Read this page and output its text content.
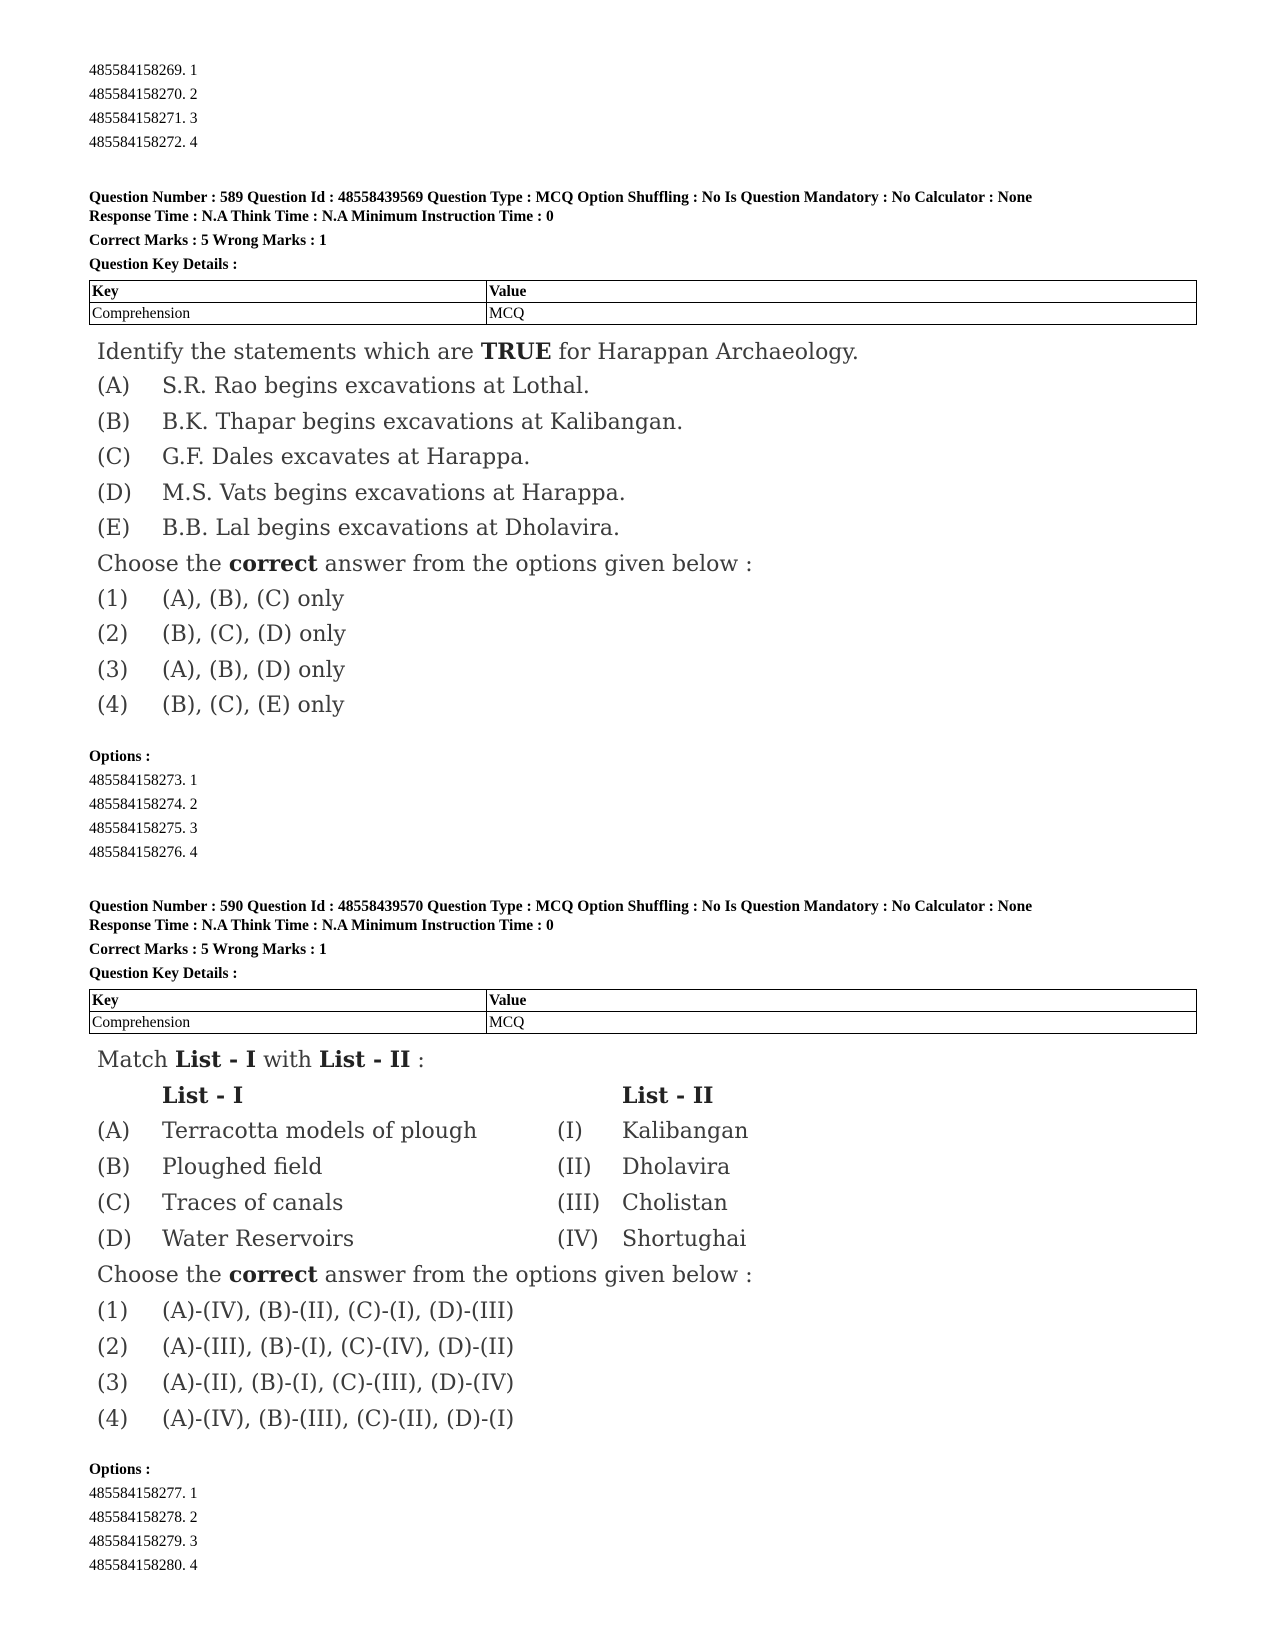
485584158269. 1
485584158270. 2
485584158271. 3
485584158272. 4
Question Number : 589 Question Id : 48558439569 Question Type : MCQ Option Shuffling : No Is Question Mandatory : No Calculator : None
Response Time : N.A Think Time : N.A Minimum Instruction Time : 0
Correct Marks : 5 Wrong Marks : 1
Question Key Details :
Key	Value
Comprehension	MCQ
Identify the statements which are TRUE for Harappan Archaeology.
(A) S.R. Rao begins excavations at Lothal.
(B) B.K. Thapar begins excavations at Kalibangan.
(C) G.F. Dales excavates at Harappa.
(D) M.S. Vats begins excavations at Harappa.
(E) B.B. Lal begins excavations at Dholavira.
Choose the correct answer from the options given below :
(1) (A), (B), (C) only
(2) (B), (C), (D) only
(3) (A), (B), (D) only
(4) (B), (C), (E) only
Options :
485584158273. 1
485584158274. 2
485584158275. 3
485584158276. 4
Question Number : 590 Question Id : 48558439570 Question Type : MCQ Option Shuffling : No Is Question Mandatory : No Calculator : None
Response Time : N.A Think Time : N.A Minimum Instruction Time : 0
Correct Marks : 5 Wrong Marks : 1
Question Key Details :
Key	Value
Comprehension	MCQ
Match List - I with List - II :
List - I	List - II
(A) Terracotta models of plough	(I) Kalibangan
(B) Ploughed field	(II) Dholavira
(C) Traces of canals	(III) Cholistan
(D) Water Reservoirs	(IV) Shortughai
Choose the correct answer from the options given below :
(1) (A)-(IV), (B)-(II), (C)-(I), (D)-(III)
(2) (A)-(III), (B)-(I), (C)-(IV), (D)-(II)
(3) (A)-(II), (B)-(I), (C)-(III), (D)-(IV)
(4) (A)-(IV), (B)-(III), (C)-(II), (D)-(I)
Options :
485584158277. 1
485584158278. 2
485584158279. 3
485584158280. 4
